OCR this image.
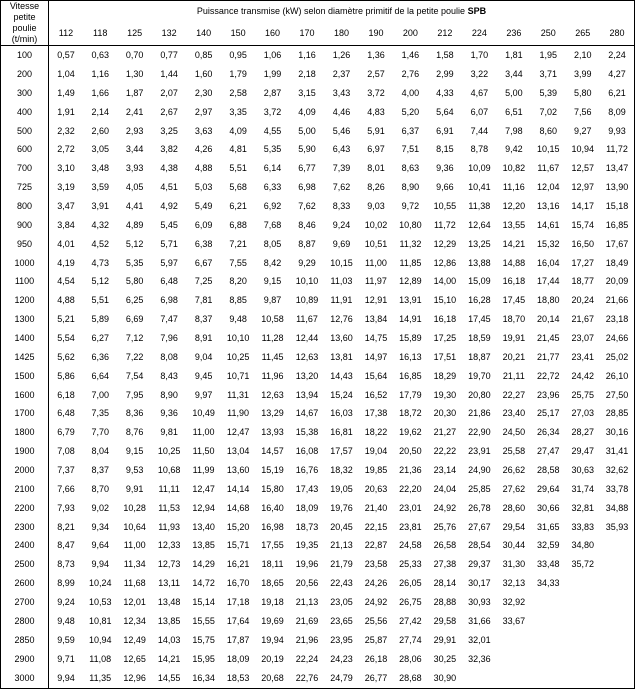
Vitesse petite poulie (t/min)	Puissance transmise (kW) selon diamètre primitif de la petite poulie SPB																
	112	118	125	132	140	150	160	170	180	190	200	212	224	236	250	265	280
100	0,57	0,63	0,70	0,77	0,85	0,95	1,06	1,16	1,26	1,36	1,46	1,58	1,70	1,81	1,95	2,10	2,24
200	1,04	1,16	1,30	1,44	1,60	1,79	1,99	2,18	2,37	2,57	2,76	2,99	3,22	3,44	3,71	3,99	4,27
300	1,49	1,66	1,87	2,07	2,30	2,58	2,87	3,15	3,43	3,72	4,00	4,33	4,67	5,00	5,39	5,80	6,21
400	1,91	2,14	2,41	2,67	2,97	3,35	3,72	4,09	4,46	4,83	5,20	5,64	6,07	6,51	7,02	7,56	8,09
500	2,32	2,60	2,93	3,25	3,63	4,09	4,55	5,00	5,46	5,91	6,37	6,91	7,44	7,98	8,60	9,27	9,93
600	2,72	3,05	3,44	3,82	4,26	4,81	5,35	5,90	6,43	6,97	7,51	8,15	8,78	9,42	10,15	10,94	11,72
700	3,10	3,48	3,93	4,38	4,88	5,51	6,14	6,77	7,39	8,01	8,63	9,36	10,09	10,82	11,67	12,57	13,47
725	3,19	3,59	4,05	4,51	5,03	5,68	6,33	6,98	7,62	8,26	8,90	9,66	10,41	11,16	12,04	12,97	13,90
800	3,47	3,91	4,41	4,92	5,49	6,21	6,92	7,62	8,33	9,03	9,72	10,55	11,38	12,20	13,16	14,17	15,18
900	3,84	4,32	4,89	5,45	6,09	6,88	7,68	8,46	9,24	10,02	10,80	11,72	12,64	13,55	14,61	15,74	16,85
950	4,01	4,52	5,12	5,71	6,38	7,21	8,05	8,87	9,69	10,51	11,32	12,29	13,25	14,21	15,32	16,50	17,67
1000	4,19	4,73	5,35	5,97	6,67	7,55	8,42	9,29	10,15	11,00	11,85	12,86	13,88	14,88	16,04	17,27	18,49
1100	4,54	5,12	5,80	6,48	7,25	8,20	9,15	10,10	11,03	11,97	12,89	14,00	15,09	16,18	17,44	18,77	20,09
1200	4,88	5,51	6,25	6,98	7,81	8,85	9,87	10,89	11,91	12,91	13,91	15,10	16,28	17,45	18,80	20,24	21,66
1300	5,21	5,89	6,69	7,47	8,37	9,48	10,58	11,67	12,76	13,84	14,91	16,18	17,45	18,70	20,14	21,67	23,18
1400	5,54	6,27	7,12	7,96	8,91	10,10	11,28	12,44	13,60	14,75	15,89	17,25	18,59	19,91	21,45	23,07	24,66
1425	5,62	6,36	7,22	8,08	9,04	10,25	11,45	12,63	13,81	14,97	16,13	17,51	18,87	20,21	21,77	23,41	25,02
1500	5,86	6,64	7,54	8,43	9,45	10,71	11,96	13,20	14,43	15,64	16,85	18,29	19,70	21,11	22,72	24,42	26,10
1600	6,18	7,00	7,95	8,90	9,97	11,31	12,63	13,94	15,24	16,52	17,79	19,30	20,80	22,27	23,96	25,75	27,50
1700	6,48	7,35	8,36	9,36	10,49	11,90	13,29	14,67	16,03	17,38	18,72	20,30	21,86	23,40	25,17	27,03	28,85
1800	6,79	7,70	8,76	9,81	11,00	12,47	13,93	15,38	16,81	18,22	19,62	21,27	22,90	24,50	26,34	28,27	30,16
1900	7,08	8,04	9,15	10,25	11,50	13,04	14,57	16,08	17,57	19,04	20,50	22,22	23,91	25,58	27,47	29,47	31,41
2000	7,37	8,37	9,53	10,68	11,99	13,60	15,19	16,76	18,32	19,85	21,36	23,14	24,90	26,62	28,58	30,63	32,62
2100	7,66	8,70	9,91	11,11	12,47	14,14	15,80	17,43	19,05	20,63	22,20	24,04	25,85	27,62	29,64	31,74	33,78
2200	7,93	9,02	10,28	11,53	12,94	14,68	16,40	18,09	19,76	21,40	23,01	24,92	26,78	28,60	30,66	32,81	34,88
2300	8,21	9,34	10,64	11,93	13,40	15,20	16,98	18,73	20,45	22,15	23,81	25,76	27,67	29,54	31,65	33,83	35,93
2400	8,47	9,64	11,00	12,33	13,85	15,71	17,55	19,35	21,13	22,87	24,58	26,58	28,54	30,44	32,59	34,80	
2500	8,73	9,94	11,34	12,73	14,29	16,21	18,11	19,96	21,79	23,58	25,33	27,38	29,37	31,30	33,48	35,72	
2600	8,99	10,24	11,68	13,11	14,72	16,70	18,65	20,56	22,43	24,26	26,05	28,14	30,17	32,13	34,33		
2700	9,24	10,53	12,01	13,48	15,14	17,18	19,18	21,13	23,05	24,92	26,75	28,88	30,93	32,92			
2800	9,48	10,81	12,34	13,85	15,55	17,64	19,69	21,69	23,65	25,56	27,42	29,58	31,66	33,67			
2850	9,59	10,94	12,49	14,03	15,75	17,87	19,94	21,96	23,95	25,87	27,74	29,91	32,01				
2900	9,71	11,08	12,65	14,21	15,95	18,09	20,19	22,24	24,23	26,18	28,06	30,25	32,36				
3000	9,94	11,35	12,96	14,55	16,34	18,53	20,68	22,76	24,79	26,77	28,68	30,90					
